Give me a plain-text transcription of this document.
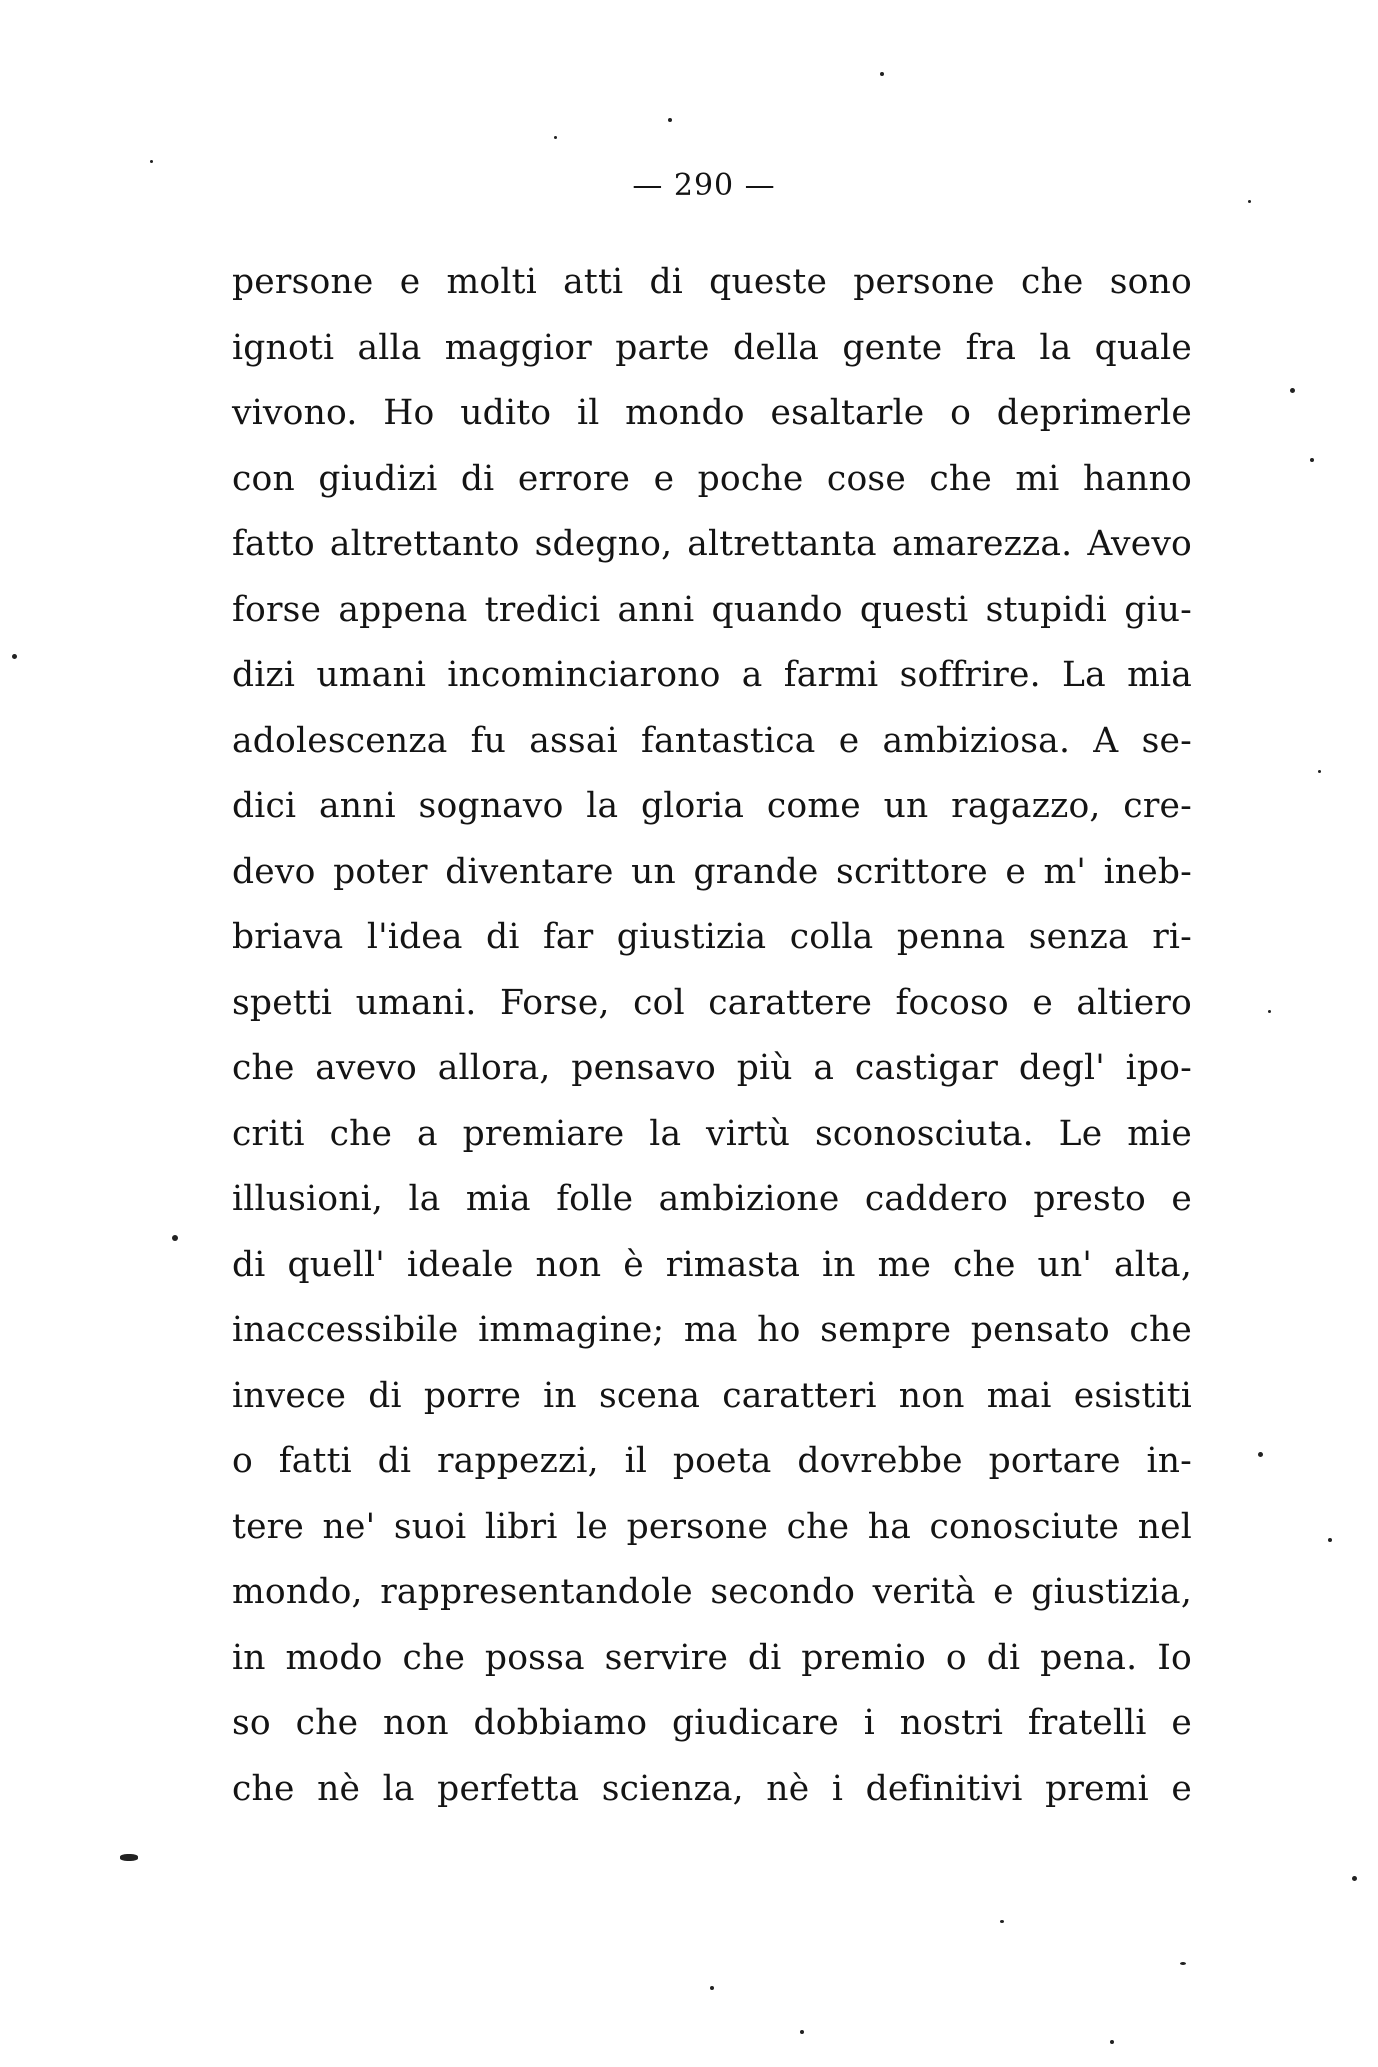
— 290 —
persone e molti atti di queste persone che sono
ignoti alla maggior parte della gente fra la quale
vivono. Ho udito il mondo esaltarle o deprimerle
con giudizi di errore e poche cose che mi hanno
fatto altrettanto sdegno, altrettanta amarezza. Avevo
forse appena tredici anni quando questi stupidi giu-
dizi umani incominciarono a farmi soffrire. La mia
adolescenza fu assai fantastica e ambiziosa. A se-
dici anni sognavo la gloria come un ragazzo, cre-
devo poter diventare un grande scrittore e m' ineb-
briava l'idea di far giustizia colla penna senza ri-
spetti umani. Forse, col carattere focoso e altiero
che avevo allora, pensavo più a castigar degl' ipo-
criti che a premiare la virtù sconosciuta. Le mie
illusioni, la mia folle ambizione caddero presto e
di quell' ideale non è rimasta in me che un' alta,
inaccessibile immagine; ma ho sempre pensato che
invece di porre in scena caratteri non mai esistiti
o fatti di rappezzi, il poeta dovrebbe portare in-
tere ne' suoi libri le persone che ha conosciute nel
mondo, rappresentandole secondo verità e giustizia,
in modo che possa servire di premio o di pena. Io
so che non dobbiamo giudicare i nostri fratelli e
che nè la perfetta scienza, nè i definitivi premi e
